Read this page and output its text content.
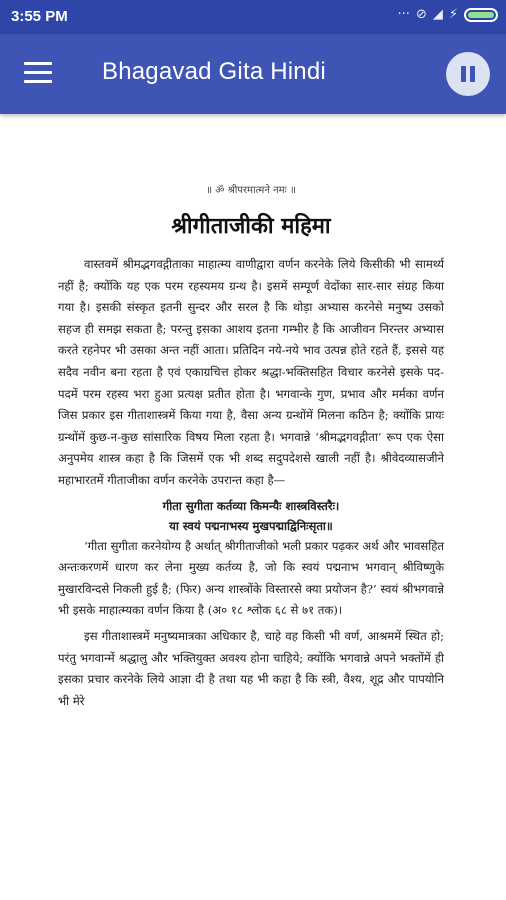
3:55 PM	··· ⊘ ◢ ⚡
Bhagavad Gita Hindi
॥ ॐ श्रीपरमात्मने नमः ॥
श्रीगीताजीकी महिमा

वास्तवमें श्रीमद्भगवद्गीताका माहात्म्य वाणीद्वारा वर्णन करनेके लिये किसीकी भी सामर्थ्य नहीं है; क्योंकि यह एक परम रहस्यमय ग्रन्थ है। इसमें सम्पूर्ण वेदोंका सार-सार संग्रह किया गया है। इसकी संस्कृत इतनी सुन्दर और सरल है कि थोड़ा अभ्यास करनेसे मनुष्य उसको सहज ही समझ सकता है; परन्तु इसका आशय इतना गम्भीर है कि आजीवन निरन्तर अभ्यास करते रहनेपर भी उसका अन्त नहीं आता। प्रतिदिन नये-नये भाव उत्पन्न होते रहते हैं, इससे यह सदैव नवीन बना रहता है एवं एकाग्रचित्त होकर श्रद्धा-भक्तिसहित विचार करनेसे इसके पद-पदमें परम रहस्य भरा हुआ प्रत्यक्ष प्रतीत होता है। भगवान्के गुण, प्रभाव और मर्मका वर्णन जिस प्रकार इस गीताशास्त्रमें किया गया है, वैसा अन्य ग्रन्थोंमें मिलना कठिन है; क्योंकि प्रायः ग्रन्थोंमें कुछ-न-कुछ सांसारिक विषय मिला रहता है। भगवान्ने ‘श्रीमद्भगवद्गीता’ रूप एक ऐसा अनुपमेय शास्त्र कहा है कि जिसमें एक भी शब्द सदुपदेशसे खाली नहीं है। श्रीवेदव्यासजीने महाभारतमें गीताजीका वर्णन करनेके उपरान्त कहा है—

गीता सुगीता कर्तव्या किमन्यैः शास्त्रविस्तरैः।

या स्वयं पद्मनाभस्य मुखपद्माद्विनिःसृता॥

‘गीता सुगीता करनेयोग्य है अर्थात् श्रीगीताजीको भली प्रकार पढ़कर अर्थ और भावसहित अन्तःकरणमें धारण कर लेना मुख्य कर्तव्य है, जो कि स्वयं पद्मनाभ भगवान् श्रीविष्णुके मुखारविन्दसे निकली हुई है; (फिर) अन्य शास्त्रोंके विस्तारसे क्या प्रयोजन है?’ स्वयं श्रीभगवान्ने भी इसके माहात्म्यका वर्णन किया है (अ० १८ श्लोक ६८ से ७१ तक)।

इस गीताशास्त्रमें मनुष्यमात्रका अधिकार है, चाहे वह किसी भी वर्ण, आश्रममें स्थित हो; परंतु भगवान्में श्रद्धालु और भक्तियुक्त अवश्य होना चाहिये; क्योंकि भगवान्ने अपने भक्तोंमें ही इसका प्रचार करनेके लिये आज्ञा दी है तथा यह भी कहा है कि स्त्री, वैश्य, शूद्र और पापयोनि भी मेरे
